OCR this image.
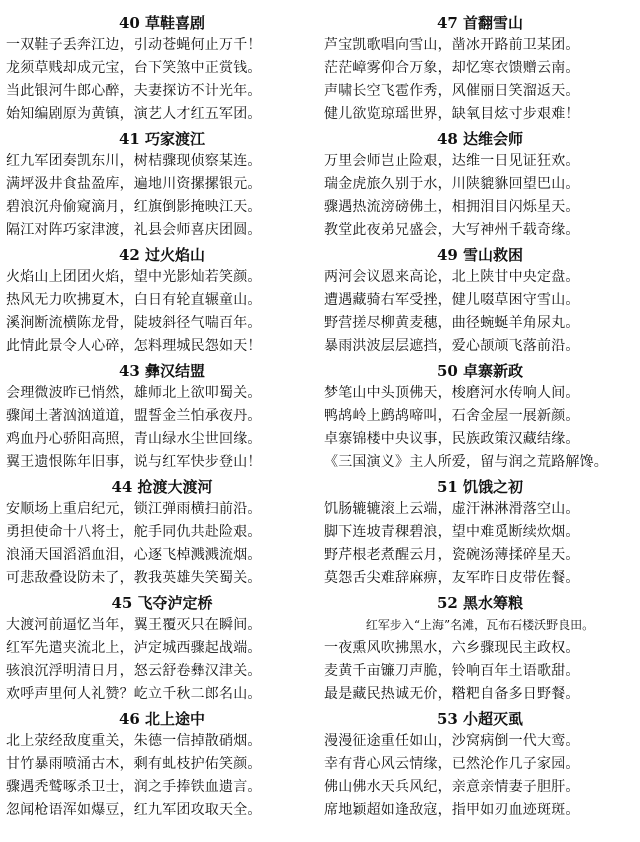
40 草鞋喜剧
一双鞋子丢奔江边，引动苍蝇何止万千！
龙须草贱却成元宝，台下笑煞中正赏钱。
当此银河牛郎心醉，夫妻探访不计光年。
始知编剧原为黄镇，演艺人才红五军团。
41 巧家渡江
红九军团奏凯东川，树桔骤现侦察某连。
满坪汲井食盐盈库，遍地川资摞摞银元。
碧浪沉舟偷窥滴月，红旗倒影掩映江天。
隔江对阵巧家津渡，礼县会师喜庆团圆。
42 过火焰山
火焰山上团团火焰，望中光影灿若笑颜。
热风无力吹拂夏木，白日有轮直辗童山。
溪涧断流横陈龙骨，陡坡斜径气喘百年。
此情此景令人心碎，怎料理城民怨如天！
43 彝汉结盟
会理微波昨已悄然，雄师北上欲叩蜀关。
骤闻土著汹汹道道，盟誓金兰怕承夜丹。
鸡血丹心骄阳高照，青山绿水尘世回缘。
翼王遗恨陈年旧事，说与红军快步登山！
44 抢渡大渡河
安顺场上重启纪元，锁江弹雨横扫前沿。
勇担使命十八将士，舵手同仇共赴险艰。
浪涌天国滔滔血泪，心逐飞棹溅溅流烟。
可悲敌叠设防未了，教我英雄失笑蜀关。
45 飞夺泸定桥
大渡河前逼忆当年，翼王覆灭只在瞬间。
红军先遣夹流北上，泸定城西骤起战端。
骇浪沉浮明清日月，怒云舒卷彝汉津关。
欢呼声里何人礼赞？屹立千秋二郎名山。
46 北上途中
北上荥经敌度重关，朱德一信掉散硝烟。
甘竹暴雨喷涌古木，剩有虬枝护佑笑颜。
骤遇秃鹫啄杀卫士，润之手捧铁血遗言。
忽闻枪语浑如爆豆，红九军团攻取天全。
47 首翻雪山
芦宝凯歌唱向雪山，凿冰开路前卫某团。
茫茫嶂雾仰合万象，却忆寒衣馈赠云南。
声啸长空飞雹作秀，风催丽日笑溜返天。
健儿欲览琼瑶世界，缺氧目炫寸步艰难！
48 达维会师
万里会师岂止险艰，达维一日见证狂欢。
瑞金虎旅久别于水，川陕貔貅回望巴山。
骤遇热流滂磅佛土，相拥泪目闪烁星天。
教堂此夜弟兄盛会，大写神州千载奇缘。
49 雪山救困
两河会议恩来高论，北上陕甘中央定盘。
遭遇藏骑右军受挫，健儿啜草困守雪山。
野营搓尽柳黄麦穗，曲径蜿蜒羊角尿丸。
暴雨洪波层层遮挡，爱心颉颃飞落前沿。
50 卓寨新政
梦笔山中头顶佛天，梭磨河水传响人间。
鸭鸪岭上鹧鸪啼叫，石舍金屋一展新颜。
卓寨锦楼中央议事，民族政策汉藏结缘。
《三国演义》主人所爱，留与润之荒路解馋。
51 饥饿之初
饥肠辘辘滚上云端，虚汗淋淋滑落空山。
脚下连坡青稞碧浪，望中难觅断续炊烟。
野芹根老煮醒云月，瓷碗汤薄揉碎星天。
莫怨舌尖难辞麻痹，友军昨日皮带佐餐。
52 黑水筹粮
红军步入“上海”名滩，瓦布石楼沃野良田。
一夜熏风吹拂黑水，六乡骤现民主政权。
麦黄千亩镰刀声脆，铃响百年土语歌甜。
最是藏民热诚无价，糌粑自备多日野餐。
53 小超灭虱
漫漫征途重任如山，沙窝病倒一代大鸾。
幸有背心风云情缘，已然沦作几子家园。
佛山佛水天兵风纪，亲意亲情妻子胆肝。
席地颖超如逢敌寇，指甲如刃血迹斑斑。
